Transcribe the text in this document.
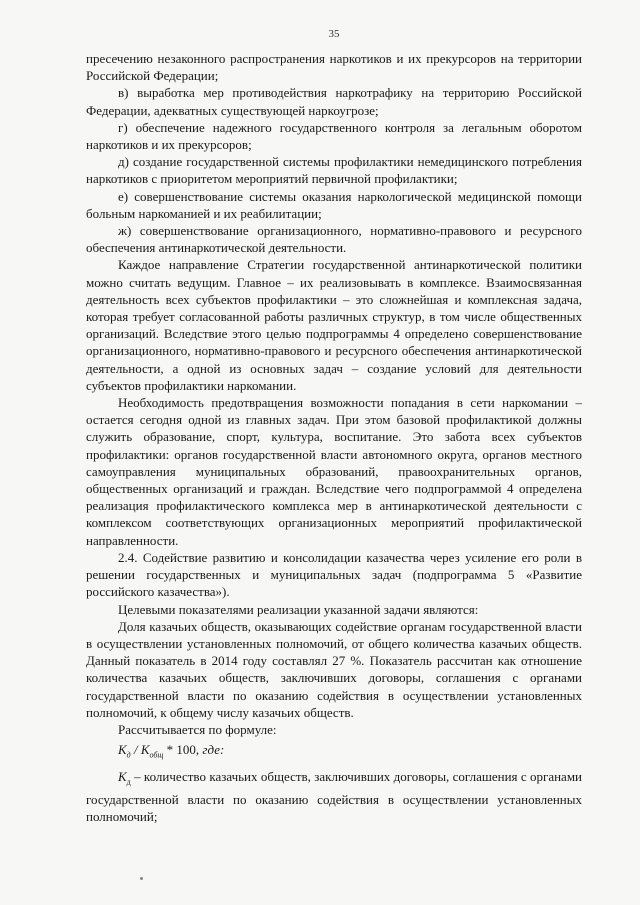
35

пресечению незаконного распространения наркотиков и их прекурсоров на территории Российской Федерации;

в) выработка мер противодействия наркотрафику на территорию Российской Федерации, адекватных существующей наркоугрозе;

г) обеспечение надежного государственного контроля за легальным оборотом наркотиков и их прекурсоров;

д) создание государственной системы профилактики немедицинского потребления наркотиков с приоритетом мероприятий первичной профилактики;

е) совершенствование системы оказания наркологической медицинской помощи больным наркоманией и их реабилитации;

ж) совершенствование организационного, нормативно-правового и ресурсного обеспечения антинаркотической деятельности.

Каждое направление Стратегии государственной антинаркотической политики можно считать ведущим. Главное – их реализовывать в комплексе. Взаимосвязанная деятельность всех субъектов профилактики – это сложнейшая и комплексная задача, которая требует согласованной работы различных структур, в том числе общественных организаций. Вследствие этого целью подпрограммы 4 определено совершенствование организационного, нормативно-правового и ресурсного обеспечения антинаркотической деятельности, а одной из основных задач – создание условий для деятельности субъектов профилактики наркомании.

Необходимость предотвращения возможности попадания в сети наркомании – остается сегодня одной из главных задач. При этом базовой профилактикой должны служить образование, спорт, культура, воспитание. Это забота всех субъектов профилактики: органов государственной власти автономного округа, органов местного самоуправления муниципальных образований, правоохранительных органов, общественных организаций и граждан. Вследствие чего подпрограммой 4 определена реализация профилактического комплекса мер в антинаркотической деятельности с комплексом соответствующих организационных мероприятий профилактической направленности.

2.4. Содействие развитию и консолидации казачества через усиление его роли в решении государственных и муниципальных задач (подпрограмма 5 «Развитие российского казачества»).

Целевыми показателями реализации указанной задачи являются:

Доля казачьих обществ, оказывающих содействие органам государственной власти в осуществлении установленных полномочий, от общего количества казачьих обществ. Данный показатель в 2014 году составлял 27 %. Показатель рассчитан как отношение количества казачьих обществ, заключивших договоры, соглашения с органами государственной власти по оказанию содействия в осуществлении установленных полномочий, к общему числу казачьих обществ.

Рассчитывается по формуле:

$К_д / К_{общ} * 100$, где:

$К_д$ – количество казачьих обществ, заключивших договоры, соглашения с органами государственной власти по оказанию содействия в осуществлении установленных полномочий;
